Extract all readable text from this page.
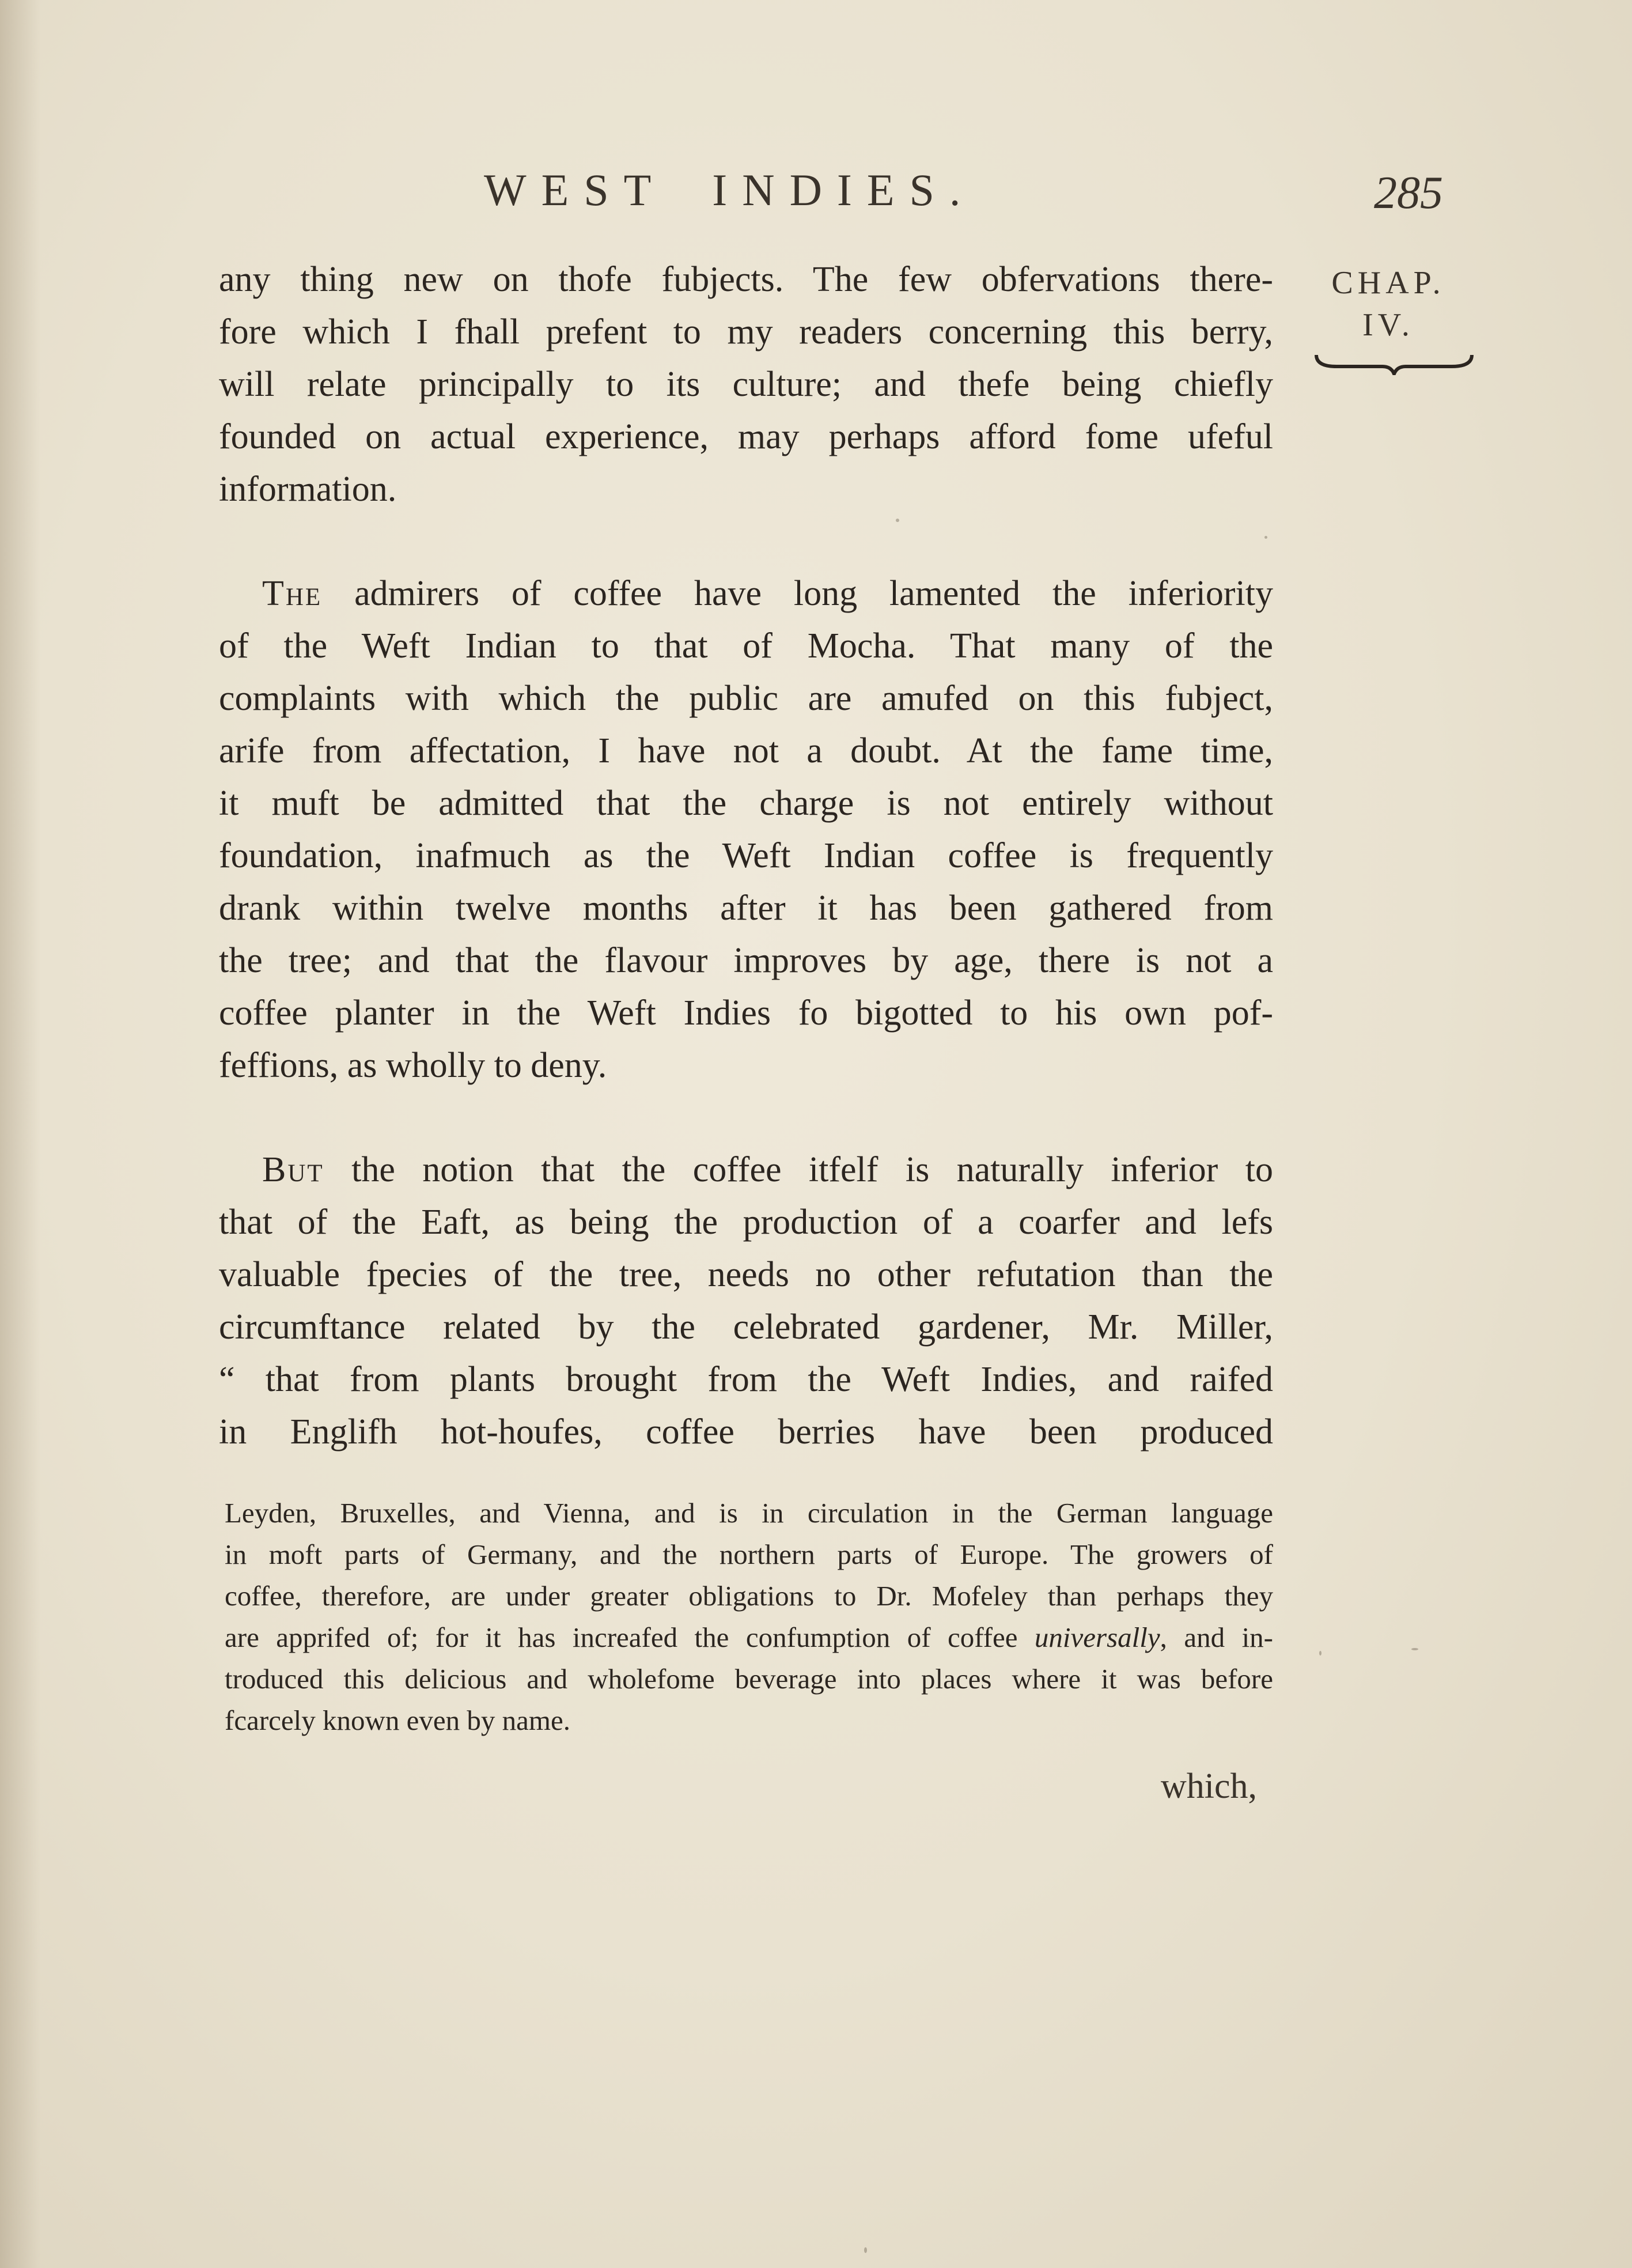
WEST INDIES.	285
CHAP.
IV.
any thing new on thofe fubjects. The few obfervations there-
fore which I fhall prefent to my readers concerning this berry,
will relate principally to its culture; and thefe being chiefly
founded on actual experience, may perhaps afford fome ufeful
information.
The admirers of coffee have long lamented the inferiority
of the Weft Indian to that of Mocha. That many of the
complaints with which the public are amufed on this fubject,
arife from affectation, I have not a doubt. At the fame time,
it muft be admitted that the charge is not entirely without
foundation, inafmuch as the Weft Indian coffee is frequently
drank within twelve months after it has been gathered from
the tree; and that the flavour improves by age, there is not a
coffee planter in the Weft Indies fo bigotted to his own pof-
feffions, as wholly to deny.
But the notion that the coffee itfelf is naturally inferior to
that of the Eaft, as being the production of a coarfer and lefs
valuable fpecies of the tree, needs no other refutation than the
circumftance related by the celebrated gardener, Mr. Miller,
“ that from plants brought from the Weft Indies, and raifed
in Englifh hot-houfes, coffee berries have been produced
Leyden, Bruxelles, and Vienna, and is in circulation in the German language
in moft parts of Germany, and the northern parts of Europe. The growers of
coffee, therefore, are under greater obligations to Dr. Mofeley than perhaps they
are apprifed of; for it has increafed the confumption of coffee universally, and in-
troduced this delicious and wholefome beverage into places where it was before
fcarcely known even by name.
which,
